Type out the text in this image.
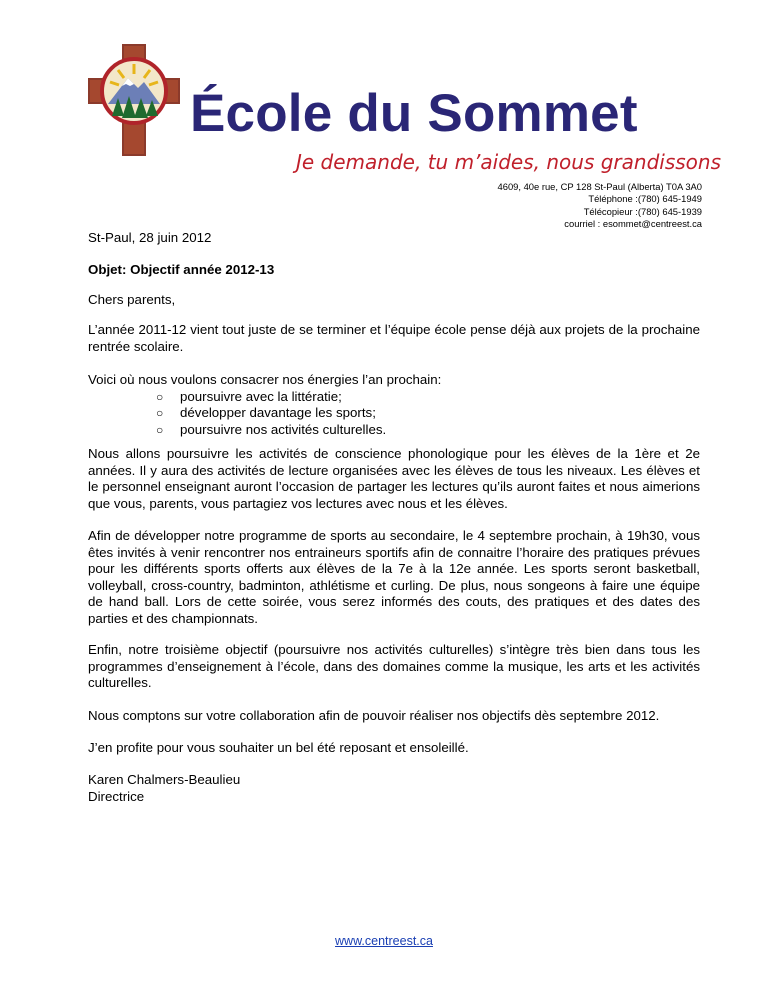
École du Sommet
Je demande, tu m’aides, nous grandissons
4609, 40e rue, CP 128 St-Paul (Alberta) T0A 3A0
Téléphone :(780) 645-1949
Télécopieur :(780) 645-1939
courriel : esommet@centreest.ca
St-Paul, 28 juin 2012
Objet: Objectif année 2012-13
Chers parents,

L’année 2011-12 vient tout juste de se terminer et l’équipe école pense déjà aux projets de la prochaine rentrée scolaire.

Voici où nous voulons consacrer nos énergies l’an prochain:

○ poursuivre avec la littératie;
○ développer davantage les sports;
○ poursuivre nos activités culturelles.

Nous allons poursuivre les activités de conscience phonologique pour les élèves de la 1ère et 2e années. Il y aura des activités de lecture organisées avec les élèves de tous les niveaux. Les élèves et le personnel enseignant auront l’occasion de partager les lectures qu’ils auront faites et nous aimerions que vous, parents, vous partagiez vos lectures avec nous et les élèves.

Afin de développer notre programme de sports au secondaire, le 4 septembre prochain, à 19h30, vous êtes invités à venir rencontrer nos entraineurs sportifs afin de connaitre l’horaire des pratiques prévues pour les différents sports offerts aux élèves de la 7e à la 12e année. Les sports seront basketball, volleyball, cross-country, badminton, athlétisme et curling. De plus, nous songeons à faire une équipe de hand ball. Lors de cette soirée, vous serez informés des couts, des pratiques et des dates des parties et des championnats.

Enfin, notre troisième objectif (poursuivre nos activités culturelles) s’intègre très bien dans tous les programmes d’enseignement à l’école, dans des domaines comme la musique, les arts et les activités culturelles.

Nous comptons sur votre collaboration afin de pouvoir réaliser nos objectifs dès septembre 2012.

J’en profite pour vous souhaiter un bel été reposant et ensoleillé.

Karen Chalmers-Beaulieu
Directrice
www.centreest.ca
